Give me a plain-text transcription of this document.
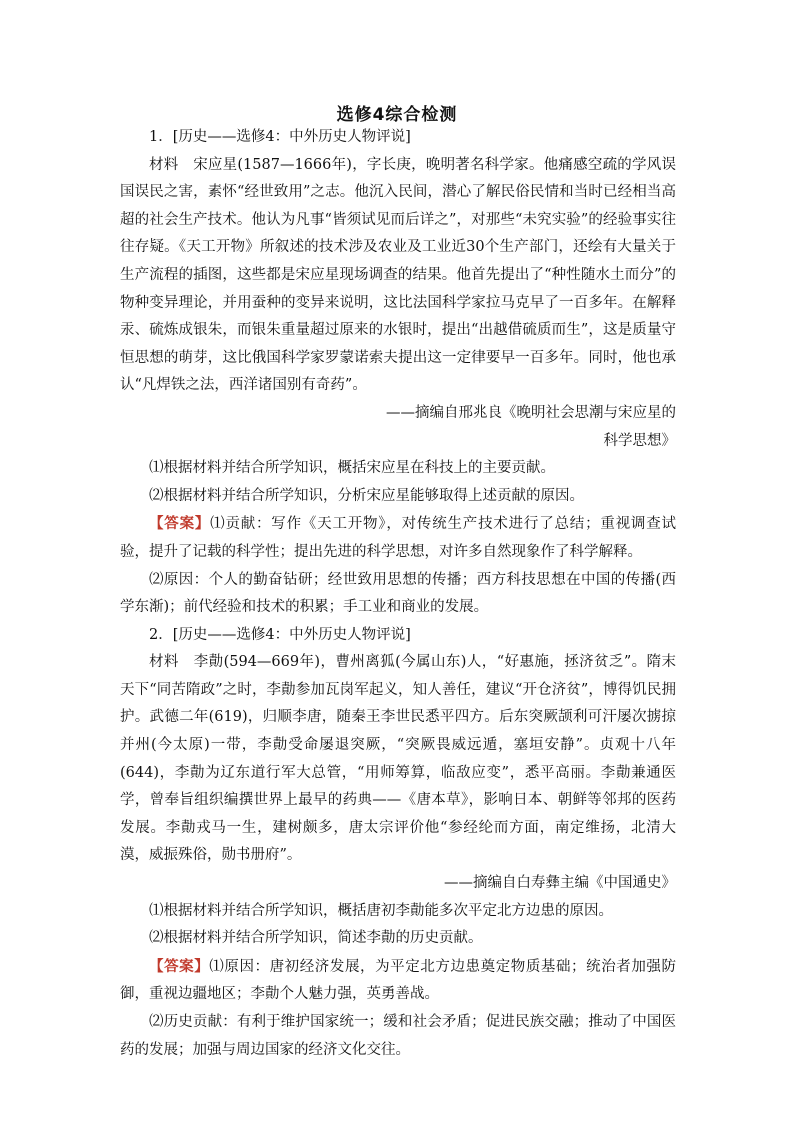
选修4综合检测

1．[历史——选修4：中外历史人物评说]

材料 宋应星(1587—1666年)，字长庚，晚明著名科学家。他痛感空疏的学风误国误民之害，素怀“经世致用”之志。他沉入民间，潜心了解民俗民情和当时已经相当高超的社会生产技术。他认为凡事“皆须试见而后详之”，对那些“未究实验”的经验事实往往存疑。《天工开物》所叙述的技术涉及农业及工业近30个生产部门，还绘有大量关于生产流程的插图，这些都是宋应星现场调查的结果。他首先提出了“种性随水土而分”的物种变异理论，并用蚕种的变异来说明，这比法国科学家拉马克早了一百多年。在解释汞、硫炼成银朱，而银朱重量超过原来的水银时，提出“出越借硫质而生”，这是质量守恒思想的萌芽，这比俄国科学家罗蒙诺索夫提出这一定律要早一百多年。同时，他也承认“凡焊铁之法，西洋诸国别有奇药”。

——摘编自邢兆良《晚明社会思潮与宋应星的

科学思想》

⑴根据材料并结合所学知识，概括宋应星在科技上的主要贡献。

⑵根据材料并结合所学知识，分析宋应星能够取得上述贡献的原因。

【答案】⑴贡献：写作《天工开物》，对传统生产技术进行了总结；重视调查试验，提升了记载的科学性；提出先进的科学思想，对许多自然现象作了科学解释。

⑵原因：个人的勤奋钻研；经世致用思想的传播；西方科技思想在中国的传播(西学东渐)；前代经验和技术的积累；手工业和商业的发展。

2．[历史——选修4：中外历史人物评说]

材料 李勣(594—669年)，曹州离狐(今属山东)人，“好惠施，拯济贫乏”。隋末天下“同苦隋政”之时，李勣参加瓦岗军起义，知人善任，建议“开仓济贫”，博得饥民拥护。武德二年(619)，归顺李唐，随秦王李世民悉平四方。后东突厥颉利可汗屡次掳掠并州(今太原)一带，李勣受命屡退突厥，“突厥畏威远遁，塞垣安静”。贞观十八年(644)，李勣为辽东道行军大总管，“用师筹算，临敌应变”，悉平高丽。李勣兼通医学，曾奉旨组织编撰世界上最早的药典——《唐本草》，影响日本、朝鲜等邻邦的医药发展。李勣戎马一生，建树颇多，唐太宗评价他“参经纶而方面，南定维扬，北清大漠，威振殊俗，勋书册府”。

——摘编自白寿彝主编《中国通史》

⑴根据材料并结合所学知识，概括唐初李勣能多次平定北方边患的原因。

⑵根据材料并结合所学知识，简述李勣的历史贡献。

【答案】⑴原因：唐初经济发展，为平定北方边患奠定物质基础；统治者加强防御，重视边疆地区；李勣个人魅力强，英勇善战。

⑵历史贡献：有利于维护国家统一；缓和社会矛盾；促进民族交融；推动了中国医药的发展；加强与周边国家的经济文化交往。
